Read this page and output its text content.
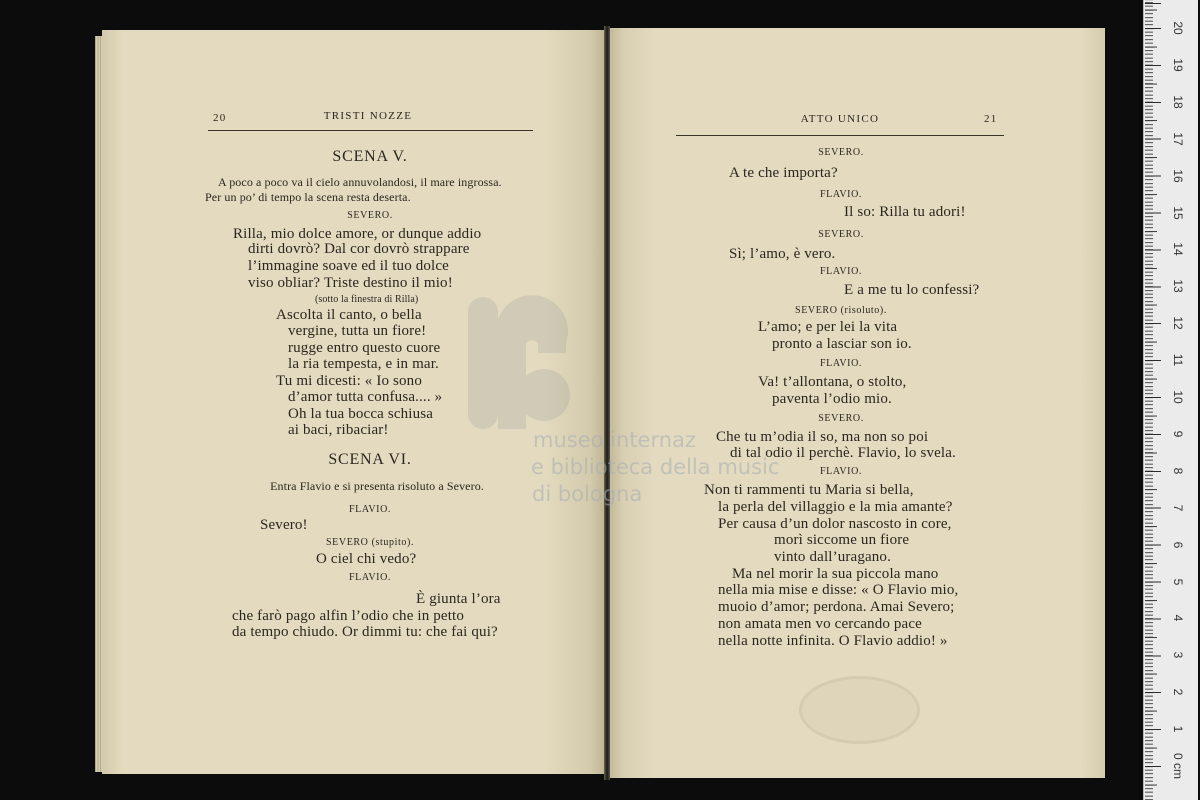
20	TRISTI NOZZE
SCENA V.
A poco a poco va il cielo annuvolandosi, il mare ingrossa.
Per un po’ di tempo la scena resta deserta.
SEVERO.
Rilla, mio dolce amore, or dunque addio
dirti dovrò? Dal cor dovrò strappare
l’immagine soave ed il tuo dolce
viso obliar? Triste destino il mio!
(sotto la finestra di Rilla)
Ascolta il canto, o bella
vergine, tutta un fiore!
rugge entro questo cuore
la ria tempesta, e in mar.
Tu mi dicesti: « Io sono
d’amor tutta confusa.... »
Oh la tua bocca schiusa
ai baci, ribaciar!
SCENA VI.
Entra Flavio e si presenta risoluto a Severo.
FLAVIO.
Severo!
SEVERO (stupito).
O ciel chi vedo?
FLAVIO.
È giunta l’ora
che farò pago alfin l’odio che in petto
da tempo chiudo. Or dimmi tu: che fai qui?
ATTO UNICO	21
SEVERO.
A te che importa?
FLAVIO.
Il so: Rilla tu adori!
SEVERO.
Sì; l’amo, è vero.
FLAVIO.
E a me tu lo confessi?
SEVERO (risoluto).
L’amo; e per lei la vita
pronto a lasciar son io.
FLAVIO.
Va! t’allontana, o stolto,
paventa l’odio mio.
SEVERO.
Che tu m’odia il so, ma non so poi
di tal odio il perchè. Flavio, lo svela.
FLAVIO.
Non ti rammenti tu Maria si bella,
la perla del villaggio e la mia amante?
Per causa d’un dolor nascosto in core,
morì siccome un fiore
vinto dall’uragano.
Ma nel morir la sua piccola mano
nella mia mise e disse: « O Flavio mio,
muoio d’amor; perdona. Amai Severo;
non amata men vo cercando pace
nella notte infinita. O Flavio addio! »
museo internaz
e biblioteca della music
di bologna
20
19
18
17
16
15
14
13
12
11
10
9
8
7
6
5
4
3
2
1
0 cm
